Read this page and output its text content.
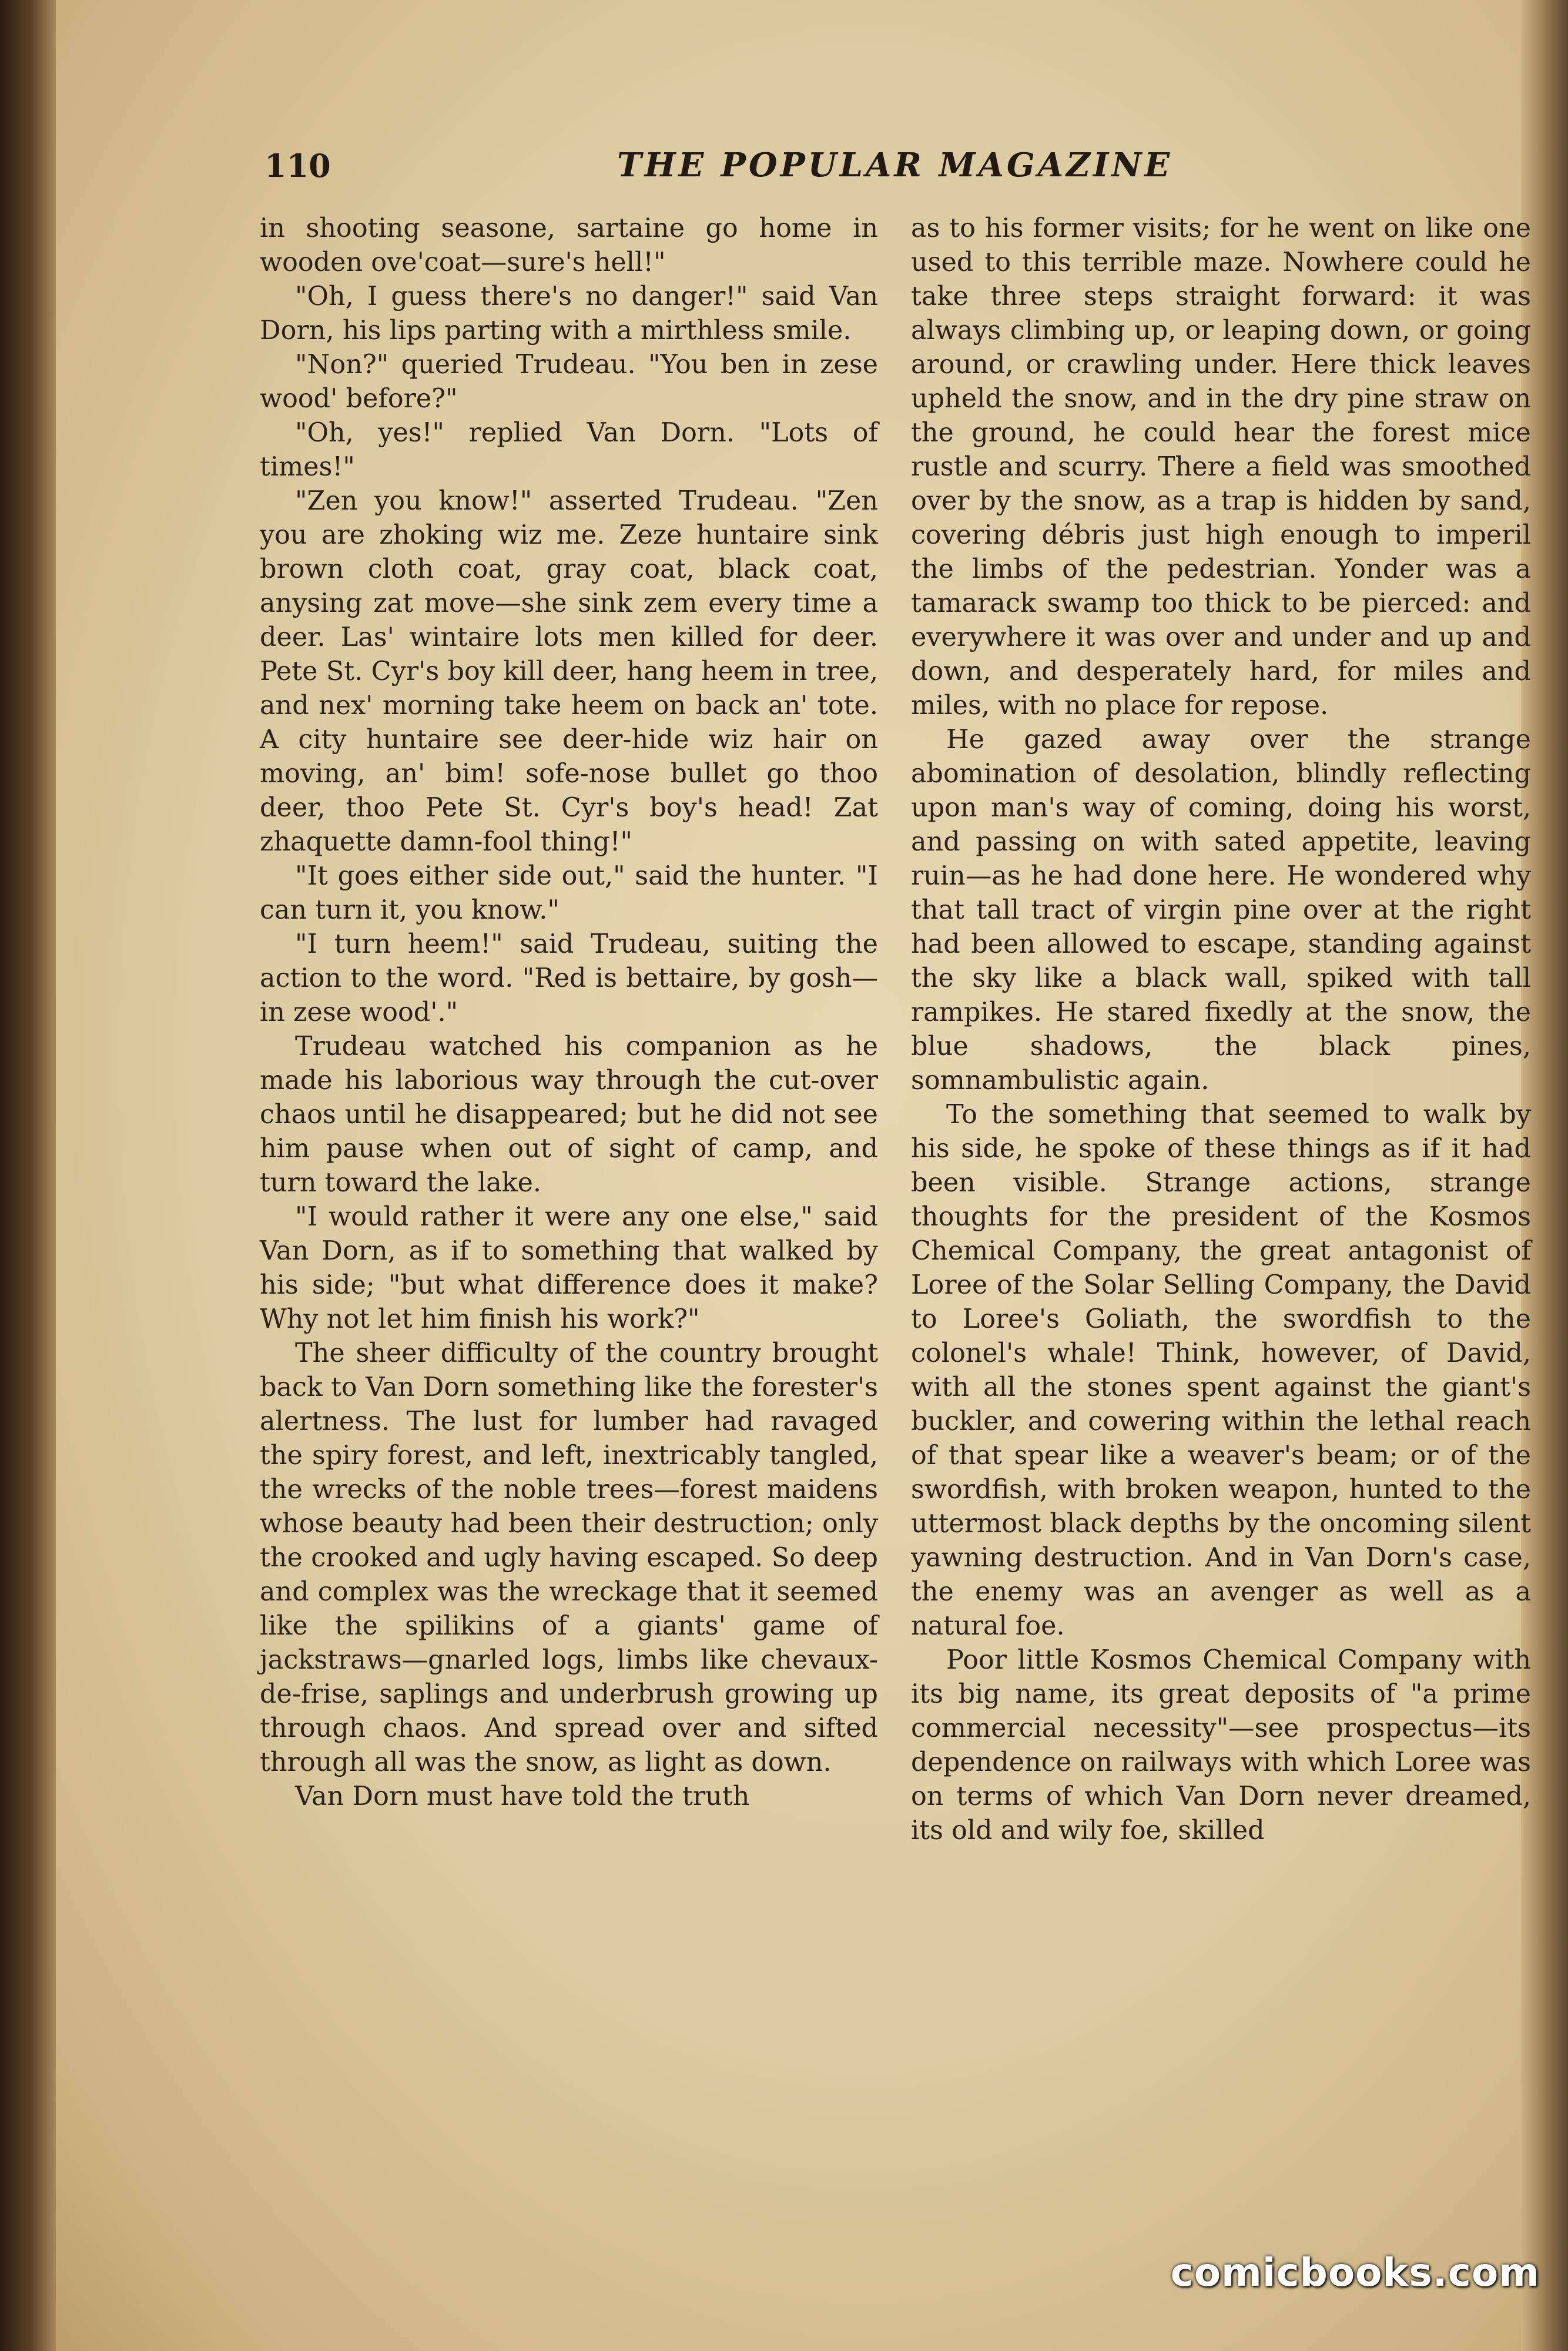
110	THE POPULAR MAGAZINE

in shooting seasone, sartaine go home in wooden ove'coat—sure's hell!"

"Oh, I guess there's no danger!" said Van Dorn, his lips parting with a mirthless smile.

"Non?" queried Trudeau. "You ben in zese wood' before?"

"Oh, yes!" replied Van Dorn. "Lots of times!"

"Zen you know!" asserted Trudeau. "Zen you are zhoking wiz me. Zeze huntaire sink brown cloth coat, gray coat, black coat, anysing zat move—she sink zem every time a deer. Las' wintaire lots men killed for deer. Pete St. Cyr's boy kill deer, hang heem in tree, and nex' morning take heem on back an' tote. A city huntaire see deer-hide wiz hair on moving, an' bim! sofe-nose bullet go thoo deer, thoo Pete St. Cyr's boy's head! Zat zhaquette damn-fool thing!"

"It goes either side out," said the hunter. "I can turn it, you know."

"I turn heem!" said Trudeau, suiting the action to the word. "Red is bettaire, by gosh—in zese wood'."

Trudeau watched his companion as he made his laborious way through the cut-over chaos until he disappeared; but he did not see him pause when out of sight of camp, and turn toward the lake.

"I would rather it were any one else," said Van Dorn, as if to something that walked by his side; "but what difference does it make? Why not let him finish his work?"

The sheer difficulty of the country brought back to Van Dorn something like the forester's alertness. The lust for lumber had ravaged the spiry forest, and left, inextricably tangled, the wrecks of the noble trees—forest maidens whose beauty had been their destruction; only the crooked and ugly having escaped. So deep and complex was the wreckage that it seemed like the spilikins of a giants' game of jackstraws—gnarled logs, limbs like chevaux-de-frise, saplings and underbrush growing up through chaos. And spread over and sifted through all was the snow, as light as down.

Van Dorn must have told the truth

as to his former visits; for he went on like one used to this terrible maze. Nowhere could he take three steps straight forward: it was always climbing up, or leaping down, or going around, or crawling under. Here thick leaves upheld the snow, and in the dry pine straw on the ground, he could hear the forest mice rustle and scurry. There a field was smoothed over by the snow, as a trap is hidden by sand, covering débris just high enough to imperil the limbs of the pedestrian. Yonder was a tamarack swamp too thick to be pierced: and everywhere it was over and under and up and down, and desperately hard, for miles and miles, with no place for repose.

He gazed away over the strange abomination of desolation, blindly reflecting upon man's way of coming, doing his worst, and passing on with sated appetite, leaving ruin—as he had done here. He wondered why that tall tract of virgin pine over at the right had been allowed to escape, standing against the sky like a black wall, spiked with tall rampikes. He stared fixedly at the snow, the blue shadows, the black pines, somnambulistic again.

To the something that seemed to walk by his side, he spoke of these things as if it had been visible. Strange actions, strange thoughts for the president of the Kosmos Chemical Company, the great antagonist of Loree of the Solar Selling Company, the David to Loree's Goliath, the swordfish to the colonel's whale! Think, however, of David, with all the stones spent against the giant's buckler, and cowering within the lethal reach of that spear like a weaver's beam; or of the swordfish, with broken weapon, hunted to the uttermost black depths by the oncoming silent yawning destruction. And in Van Dorn's case, the enemy was an avenger as well as a natural foe.

Poor little Kosmos Chemical Company with its big name, its great deposits of "a prime commercial necessity"—see prospectus—its dependence on railways with which Loree was on terms of which Van Dorn never dreamed, its old and wily foe, skilled

comicbooks.com
